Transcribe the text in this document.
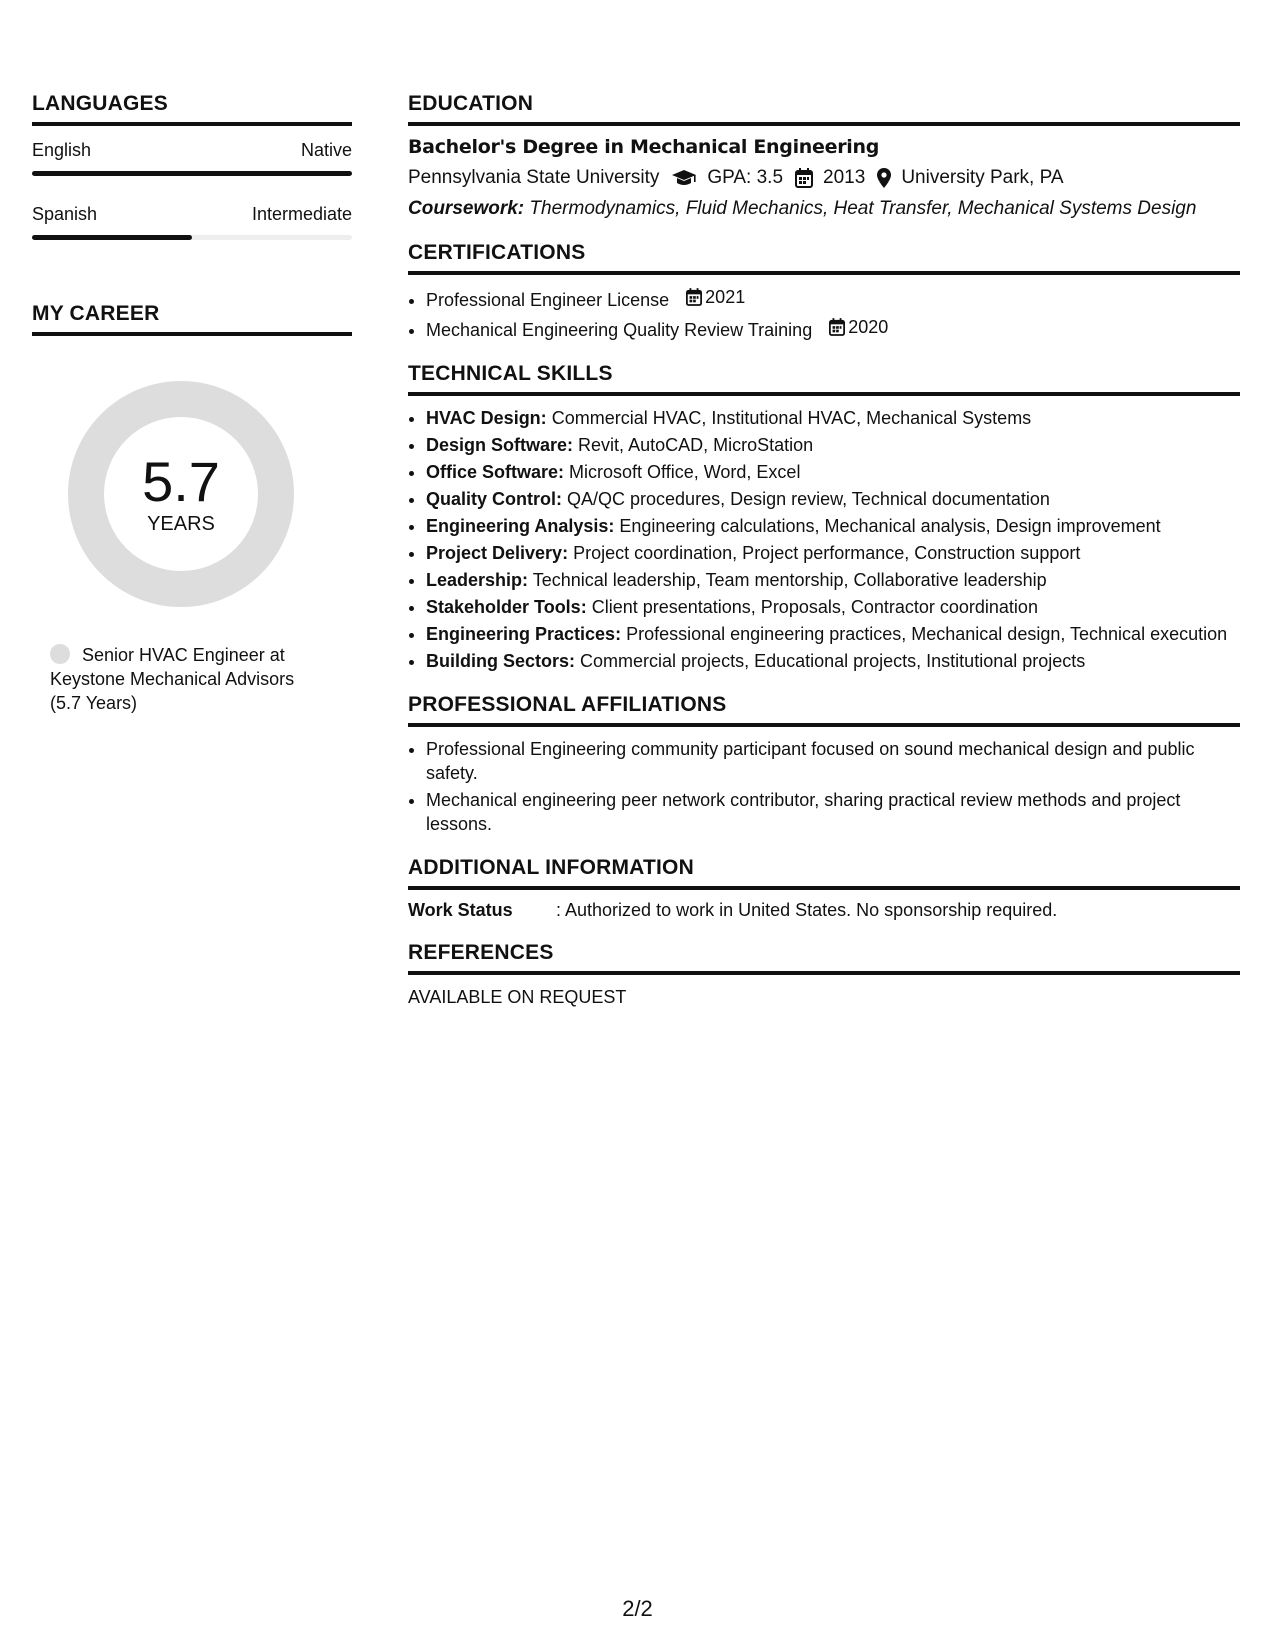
LANGUAGES
English	Native
Spanish	Intermediate
MY CAREER
5.7
YEARS
Senior HVAC Engineer at Keystone Mechanical Advisors (5.7 Years)
EDUCATION
Bachelor's Degree in Mechanical Engineering
Pennsylvania State University	GPA: 3.5 2013 University Park, PA
Coursework: Thermodynamics, Fluid Mechanics, Heat Transfer, Mechanical Systems Design
CERTIFICATIONS
• Professional Engineer License 2021
• Mechanical Engineering Quality Review Training 2020
TECHNICAL SKILLS
• HVAC Design: Commercial HVAC, Institutional HVAC, Mechanical Systems
• Design Software: Revit, AutoCAD, MicroStation
• Office Software: Microsoft Office, Word, Excel
• Quality Control: QA/QC procedures, Design review, Technical documentation
• Engineering Analysis: Engineering calculations, Mechanical analysis, Design improvement
• Project Delivery: Project coordination, Project performance, Construction support
• Leadership: Technical leadership, Team mentorship, Collaborative leadership
• Stakeholder Tools: Client presentations, Proposals, Contractor coordination
• Engineering Practices: Professional engineering practices, Mechanical design, Technical execution
• Building Sectors: Commercial projects, Educational projects, Institutional projects
PROFESSIONAL AFFILIATIONS
• Professional Engineering community participant focused on sound mechanical design and public safety.
• Mechanical engineering peer network contributor, sharing practical review methods and project lessons.
ADDITIONAL INFORMATION
Work Status	: Authorized to work in United States. No sponsorship required.
REFERENCES
AVAILABLE ON REQUEST
2/2
